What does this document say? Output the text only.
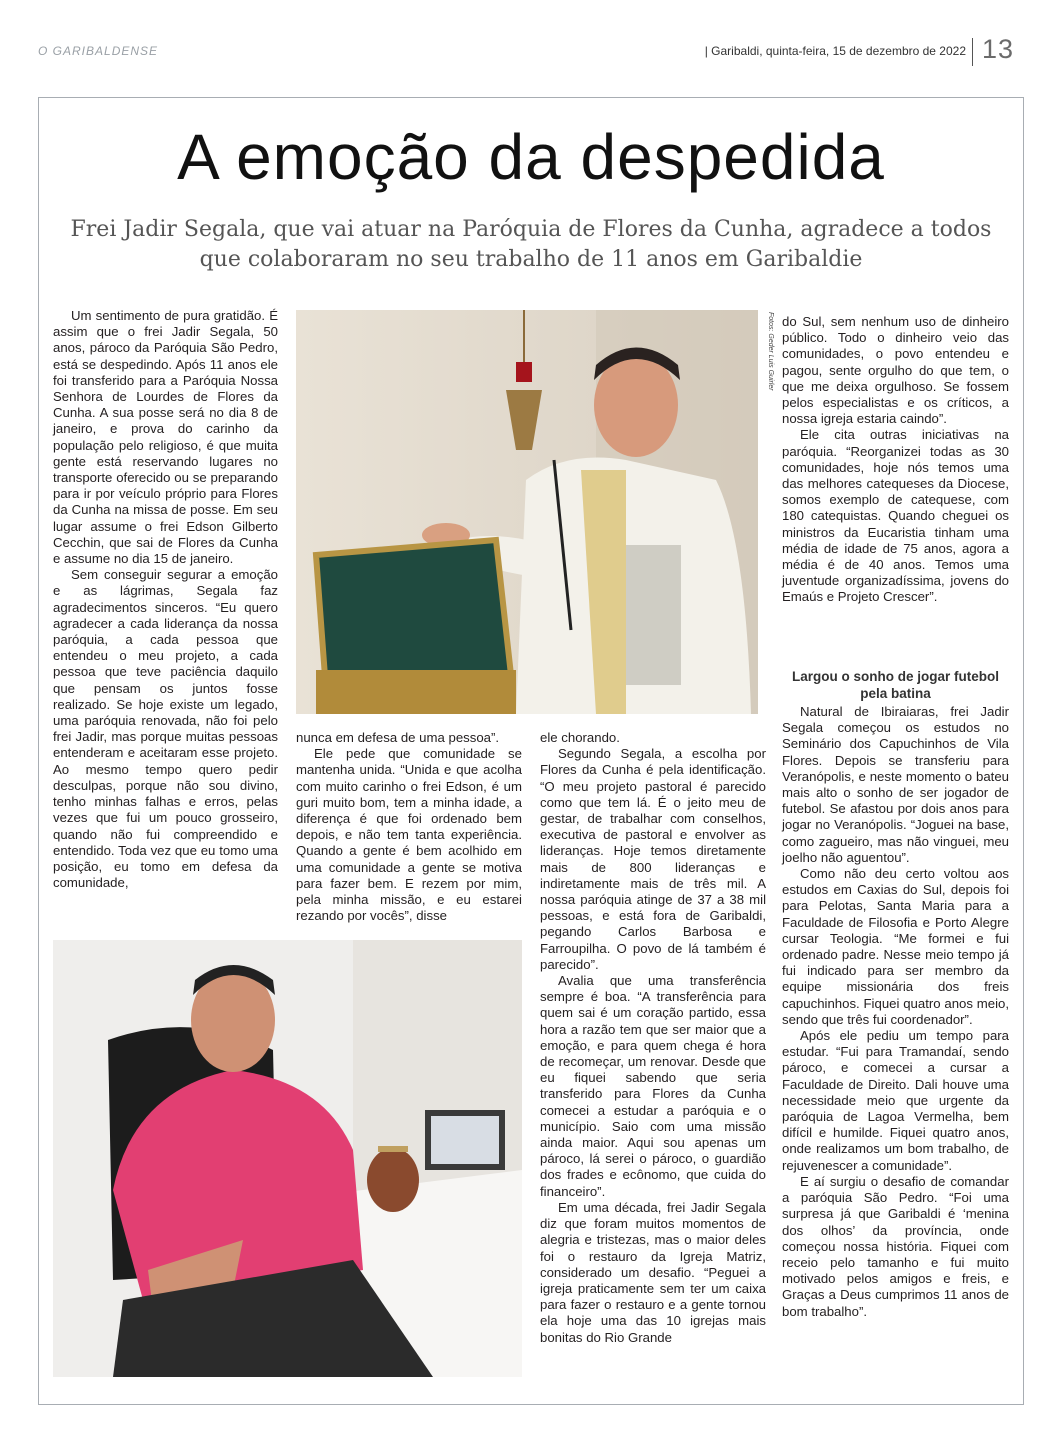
O GARIBALDENSE	| Garibaldi, quinta-feira, 15 de dezembro de 2022 13
A emoção da despedida

Frei Jadir Segala, que vai atuar na Paróquia de Flores da Cunha, agradece a todos que colaboraram no seu trabalho de 11 anos em Garibaldie

Um sentimento de pura gratidão. É assim que o frei Jadir Segala, 50 anos, pároco da Paróquia São Pedro, está se despedindo. Após 11 anos ele foi transferido para a Paróquia Nossa Senhora de Lourdes de Flores da Cunha. A sua posse será no dia 8 de janeiro, e prova do carinho da população pelo religioso, é que muita gente está reservando lugares no transporte oferecido ou se preparando para ir por veículo próprio para Flores da Cunha na missa de posse. Em seu lugar assume o frei Edson Gilberto Cecchin, que sai de Flores da Cunha e assume no dia 15 de janeiro.

Sem conseguir segurar a emoção e as lágrimas, Segala faz agradecimentos sinceros. “Eu quero agradecer a cada liderança da nossa paróquia, a cada pessoa que entendeu o meu projeto, a cada pessoa que teve paciência daquilo que pensam os juntos fosse realizado. Se hoje existe um legado, uma paróquia renovada, não foi pelo frei Jadir, mas porque muitas pessoas entenderam e aceitaram esse projeto. Ao mesmo tempo quero pedir desculpas, porque não sou divino, tenho minhas falhas e erros, pelas vezes que fui um pouco grosseiro, quando não fui compreendido e entendido. Toda vez que eu tomo uma posição, eu tomo em defesa da comunidade,

Fotos: Geder Luis Guirler

nunca em defesa de uma pessoa”.

Ele pede que comunidade se mantenha unida. “Unida e que acolha com muito carinho o frei Edson, é um guri muito bom, tem a minha idade, a diferença é que foi ordenado bem depois, e não tem tanta experiência. Quando a gente é bem acolhido em uma comunidade a gente se motiva para fazer bem. E rezem por mim, pela minha missão, e eu estarei rezando por vocês”, disse

ele chorando.

Segundo Segala, a escolha por Flores da Cunha é pela identificação. “O meu projeto pastoral é parecido como que tem lá. É o jeito meu de gestar, de trabalhar com conselhos, executiva de pastoral e envolver as lideranças. Hoje temos diretamente mais de 800 lideranças e indiretamente mais de três mil. A nossa paróquia atinge de 37 a 38 mil pessoas, e está fora de Garibaldi, pegando Carlos Barbosa e Farroupilha. O povo de lá também é parecido”.

Avalia que uma transferência sempre é boa. “A transferência para quem sai é um coração partido, essa hora a razão tem que ser maior que a emoção, e para quem chega é hora de recomeçar, um renovar. Desde que eu fiquei sabendo que seria transferido para Flores da Cunha comecei a estudar a paróquia e o município. Saio com uma missão ainda maior. Aqui sou apenas um pároco, lá serei o pároco, o guardião dos frades e ecônomo, que cuida do financeiro”.

Em uma década, frei Jadir Segala diz que foram muitos momentos de alegria e tristezas, mas o maior deles foi o restauro da Igreja Matriz, considerado um desafio. “Peguei a igreja praticamente sem ter um caixa para fazer o restauro e a gente tornou ela hoje uma das 10 igrejas mais bonitas do Rio Grande

do Sul, sem nenhum uso de dinheiro público. Todo o dinheiro veio das comunidades, o povo entendeu e pagou, sente orgulho do que tem, o que me deixa orgulhoso. Se fossem pelos especialistas e os críticos, a nossa igreja estaria caindo”.

Ele cita outras iniciativas na paróquia. “Reorganizei todas as 30 comunidades, hoje nós temos uma das melhores catequeses da Diocese, somos exemplo de catequese, com 180 catequistas. Quando cheguei os ministros da Eucaristia tinham uma média de idade de 75 anos, agora a média é de 40 anos. Temos uma juventude organizadíssima, jovens do Emaús e Projeto Crescer”.

Largou o sonho de jogar futebol pela batina

Natural de Ibiraiaras, frei Jadir Segala começou os estudos no Seminário dos Capuchinhos de Vila Flores. Depois se transferiu para Veranópolis, e neste momento o bateu mais alto o sonho de ser jogador de futebol. Se afastou por dois anos para jogar no Veranópolis. “Joguei na base, como zagueiro, mas não vinguei, meu joelho não aguentou”.

Como não deu certo voltou aos estudos em Caxias do Sul, depois foi para Pelotas, Santa Maria para a Faculdade de Filosofia e Porto Alegre cursar Teologia. “Me formei e fui ordenado padre. Nesse meio tempo já fui indicado para ser membro da equipe missionária dos freis capuchinhos. Fiquei quatro anos meio, sendo que três fui coordenador”.

Após ele pediu um tempo para estudar. “Fui para Tramandaí, sendo pároco, e comecei a cursar a Faculdade de Direito. Dali houve uma necessidade meio que urgente da paróquia de Lagoa Vermelha, bem difícil e humilde. Fiquei quatro anos, onde realizamos um bom trabalho, de rejuvenescer a comunidade”.

E aí surgiu o desafio de comandar a paróquia São Pedro. “Foi uma surpresa já que Garibaldi é ‘menina dos olhos’ da província, onde começou nossa história. Fiquei com receio pelo tamanho e fui muito motivado pelos amigos e freis, e Graças a Deus cumprimos 11 anos de bom trabalho”.
